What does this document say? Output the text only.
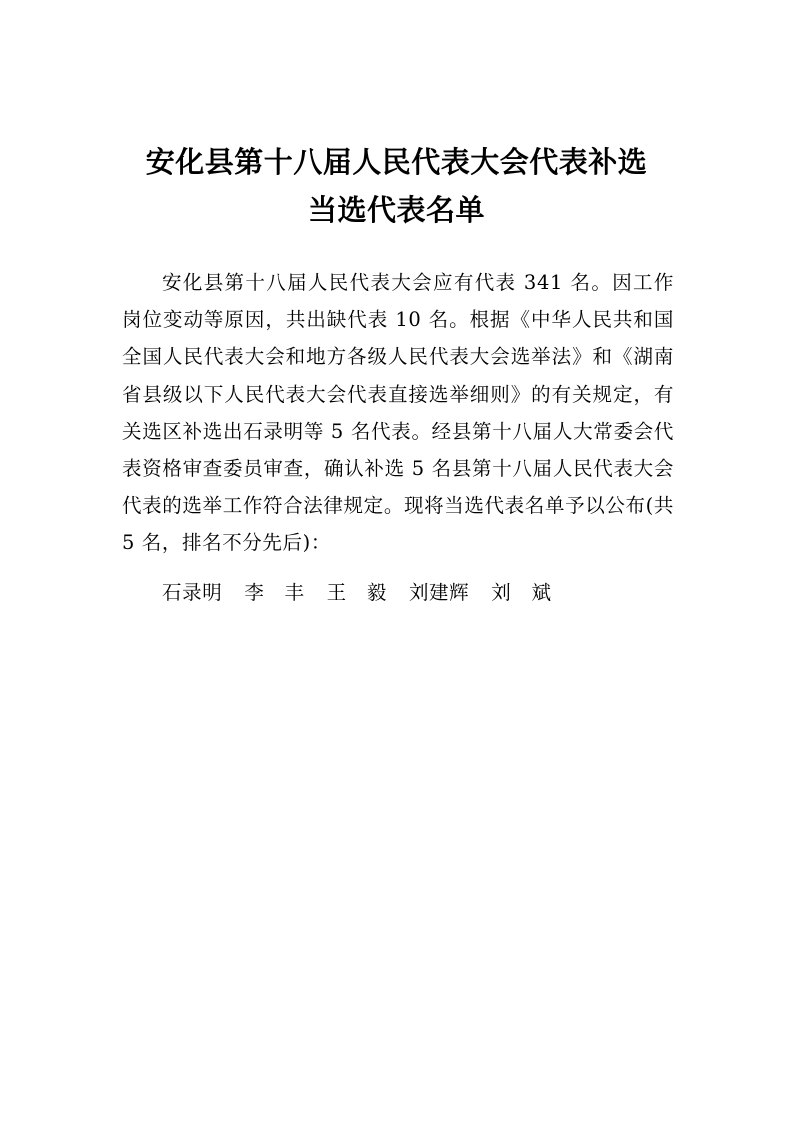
安化县第十八届人民代表大会代表补选
当选代表名单

安化县第十八届人民代表大会应有代表 341 名。因工作岗位变动等原因，共出缺代表 10 名。根据《中华人民共和国全国人民代表大会和地方各级人民代表大会选举法》和《湖南省县级以下人民代表大会代表直接选举细则》的有关规定，有关选区补选出石录明等 5 名代表。经县第十八届人大常委会代表资格审查委员审查，确认补选 5 名县第十八届人民代表大会代表的选举工作符合法律规定。现将当选代表名单予以公布(共 5 名，排名不分先后)：

石录明 李　丰 王　毅 刘建辉 刘　斌
